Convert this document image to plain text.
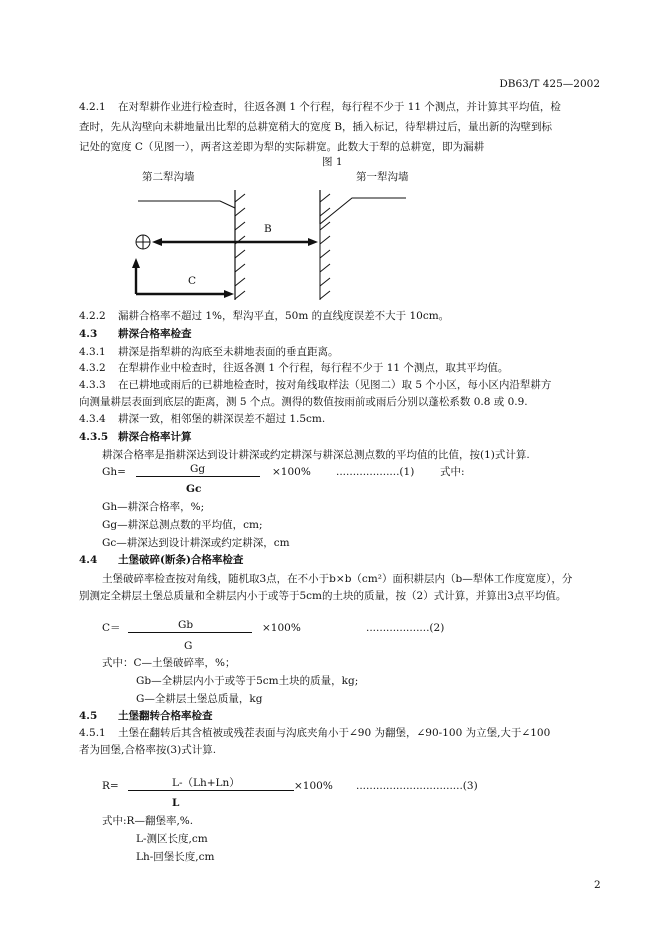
DB63/T 425—2002
4.2.1 在对犁耕作业进行检查时，往返各测 1 个行程，每行程不少于 11 个测点，并计算其平均值，检
查时，先从沟壁向未耕地量出比犁的总耕宽稍大的宽度 B，插入标记，待犁耕过后，量出新的沟壁到标
记处的宽度 C（见图一），两者这差即为犁的实际耕宽。此数大于犁的总耕宽，即为漏耕
图 1
第二犁沟墙	第一犁沟墙
B
C
4.2.2 漏耕合格率不超过 1%，犁沟平直，50m 的直线度误差不大于 10cm。
4.3 耕深合格率检查
4.3.1 耕深是指犁耕的沟底至未耕地表面的垂直距离。
4.3.2 在犁耕作业中检查时，往返各测 1 个行程，每行程不少于 11 个测点，取其平均值。
4.3.3 在已耕地或雨后的已耕地检查时，按对角线取样法（见图二）取 5 个小区，每小区内沿犁耕方
向测量耕层表面到底层的距离，测 5 个点。测得的数值按雨前或雨后分别以蓬松系数 0.8 或 0.9.
4.3.4 耕深一致，相邻堡的耕深误差不超过 1.5cm.
4.3.5 耕深合格率计算
耕深合格率是指耕深达到设计耕深或约定耕深与耕深总测点数的平均值的比值，按(1)式计算.
Gh=	Gg	×100% ...................(1) 式中:
Gc
Gh—耕深合格率，%;
Gg—耕深总测点数的平均值，cm;
Gc—耕深达到设计耕深或约定耕深，cm
4.4 土堡破碎(断条)合格率检查
土堡破碎率检查按对角线，随机取3点，在不小于b×b（cm²）面积耕层内（b—犁体工作度宽度），分
别测定全耕层土堡总质量和全耕层内小于或等于5cm的土块的质量，按（2）式计算，并算出3点平均值。
C＝	Gb	×100%	...................(2)
G
式中：C—土堡破碎率，%；
Gb—全耕层内小于或等于5cm土块的质量，kg;
G—全耕层土堡总质量，kg
4.5 土堡翻转合格率检查
4.5.1 土堡在翻转后其含植被或残茬表面与沟底夹角小于∠90 为翻堡，∠90-100 为立堡,大于∠100
者为回堡,合格率按(3)式计算.
R=	L-（Lh+Ln）	×100% ................................(3)
L
式中:R—翻堡率,%.
L-测区长度,cm
Lh-回堡长度,cm
2
